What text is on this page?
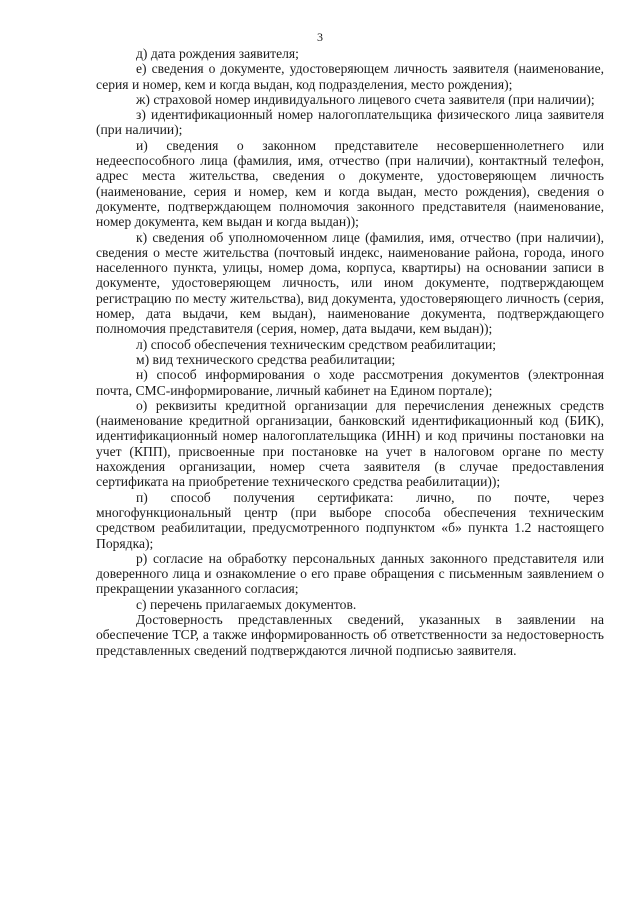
3

д) дата рождения заявителя;

е) сведения о документе, удостоверяющем личность заявителя (наименование, серия и номер, кем и когда выдан, код подразделения, место рождения);

ж) страховой номер индивидуального лицевого счета заявителя (при наличии);

з) идентификационный номер налогоплательщика физического лица заявителя (при наличии);

и) сведения о законном представителе несовершеннолетнего или недееспособного лица (фамилия, имя, отчество (при наличии), контактный телефон, адрес места жительства, сведения о документе, удостоверяющем личность (наименование, серия и номер, кем и когда выдан, место рождения), сведения о документе, подтверждающем полномочия законного представителя (наименование, номер документа, кем выдан и когда выдан));

к) сведения об уполномоченном лице (фамилия, имя, отчество (при наличии), сведения о месте жительства (почтовый индекс, наименование района, города, иного населенного пункта, улицы, номер дома, корпуса, квартиры) на основании записи в документе, удостоверяющем личность, или ином документе, подтверждающем регистрацию по месту жительства), вид документа, удостоверяющего личность (серия, номер, дата выдачи, кем выдан), наименование документа, подтверждающего полномочия представителя (серия, номер, дата выдачи, кем выдан));

л) способ обеспечения техническим средством реабилитации;

м) вид технического средства реабилитации;

н) способ информирования о ходе рассмотрения документов (электронная почта, СМС-информирование, личный кабинет на Едином портале);

о) реквизиты кредитной организации для перечисления денежных средств (наименование кредитной организации, банковский идентификационный код (БИК), идентификационный номер налогоплательщика (ИНН) и код причины постановки на учет (КПП), присвоенные при постановке на учет в налоговом органе по месту нахождения организации, номер счета заявителя (в случае предоставления сертификата на приобретение технического средства реабилитации));

п) способ получения сертификата: лично, по почте, через многофункциональный центр (при выборе способа обеспечения техническим средством реабилитации, предусмотренного подпунктом «б» пункта 1.2 настоящего Порядка);

р) согласие на обработку персональных данных законного представителя или доверенного лица и ознакомление о его праве обращения с письменным заявлением о прекращении указанного согласия;

с) перечень прилагаемых документов.

Достоверность представленных сведений, указанных в заявлении на обеспечение ТСР, а также информированность об ответственности за недостоверность представленных сведений подтверждаются личной подписью заявителя.
